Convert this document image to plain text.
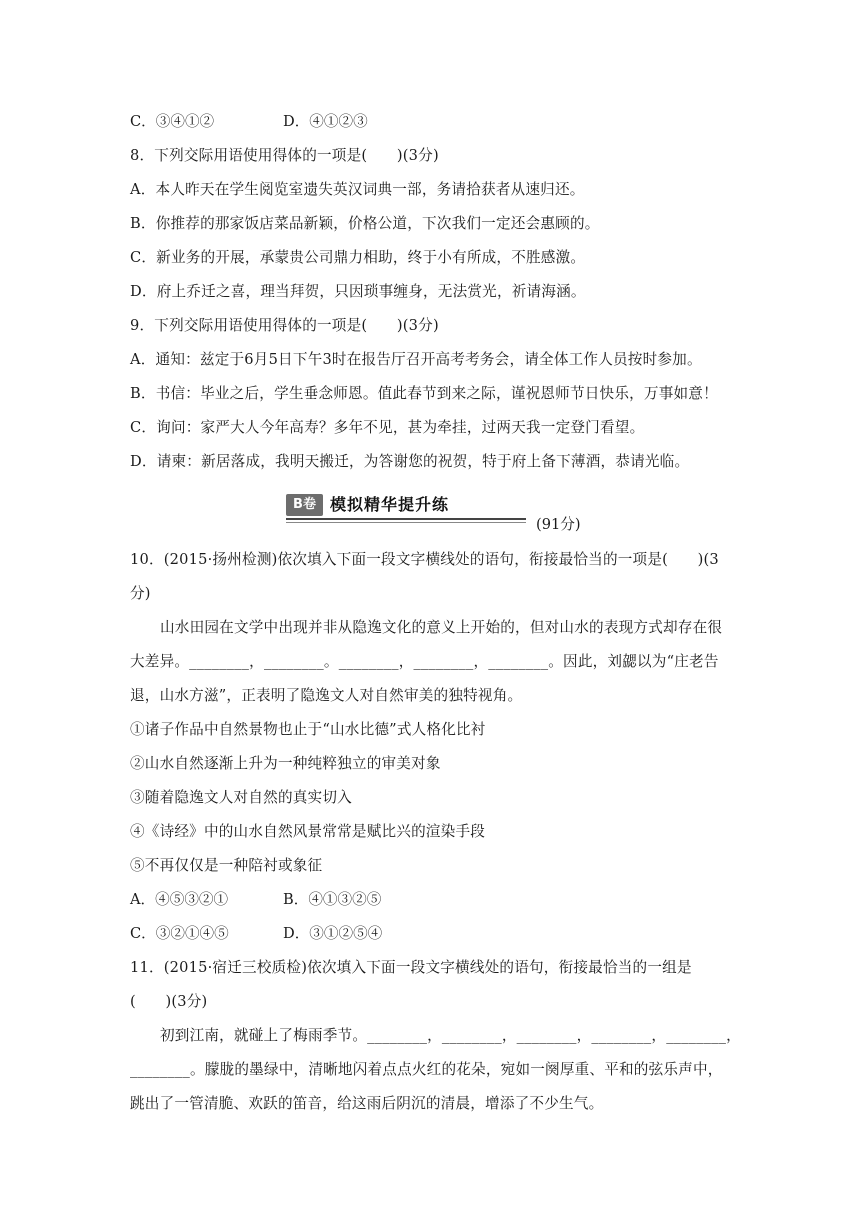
C．③④①②	D．④①②③
8．下列交际用语使用得体的一项是(　　)(3分)
A．本人昨天在学生阅览室遗失英汉词典一部，务请拾获者从速归还。
B．你推荐的那家饭店菜品新颖，价格公道，下次我们一定还会惠顾的。
C．新业务的开展，承蒙贵公司鼎力相助，终于小有所成，不胜感激。
D．府上乔迁之喜，理当拜贺，只因琐事缠身，无法赏光，祈请海涵。
9．下列交际用语使用得体的一项是(　　)(3分)
A．通知：兹定于6月5日下午3时在报告厅召开高考考务会，请全体工作人员按时参加。
B．书信：毕业之后，学生垂念师恩。值此春节到来之际，谨祝恩师节日快乐，万事如意！
C．询问：家严大人今年高寿？多年不见，甚为牵挂，过两天我一定登门看望。
D．请柬：新居落成，我明天搬迁，为答谢您的祝贺，特于府上备下薄酒，恭请光临。
B卷 模拟精华提升练
(91分)
10．(2015·扬州检测)依次填入下面一段文字横线处的语句，衔接最恰当的一项是(　　)(3
分)
山水田园在文学中出现并非从隐逸文化的意义上开始的，但对山水的表现方式却存在很
大差异。________，________。________，________，________。因此，刘勰以为“庄老告
退，山水方滋”，正表明了隐逸文人对自然审美的独特视角。
①诸子作品中自然景物也止于“山水比德”式人格化比衬
②山水自然逐渐上升为一种纯粹独立的审美对象
③随着隐逸文人对自然的真实切入
④《诗经》中的山水自然风景常常是赋比兴的渲染手段
⑤不再仅仅是一种陪衬或象征
A．④⑤③②①	B．④①③②⑤
C．③②①④⑤	D．③①②⑤④
11．(2015·宿迁三校质检)依次填入下面一段文字横线处的语句，衔接最恰当的一组是
(　　)(3分)
初到江南，就碰上了梅雨季节。________，________，________，________，________，
________。朦胧的墨绿中，清晰地闪着点点火红的花朵，宛如一阕厚重、平和的弦乐声中，
跳出了一管清脆、欢跃的笛音，给这雨后阴沉的清晨，增添了不少生气。
